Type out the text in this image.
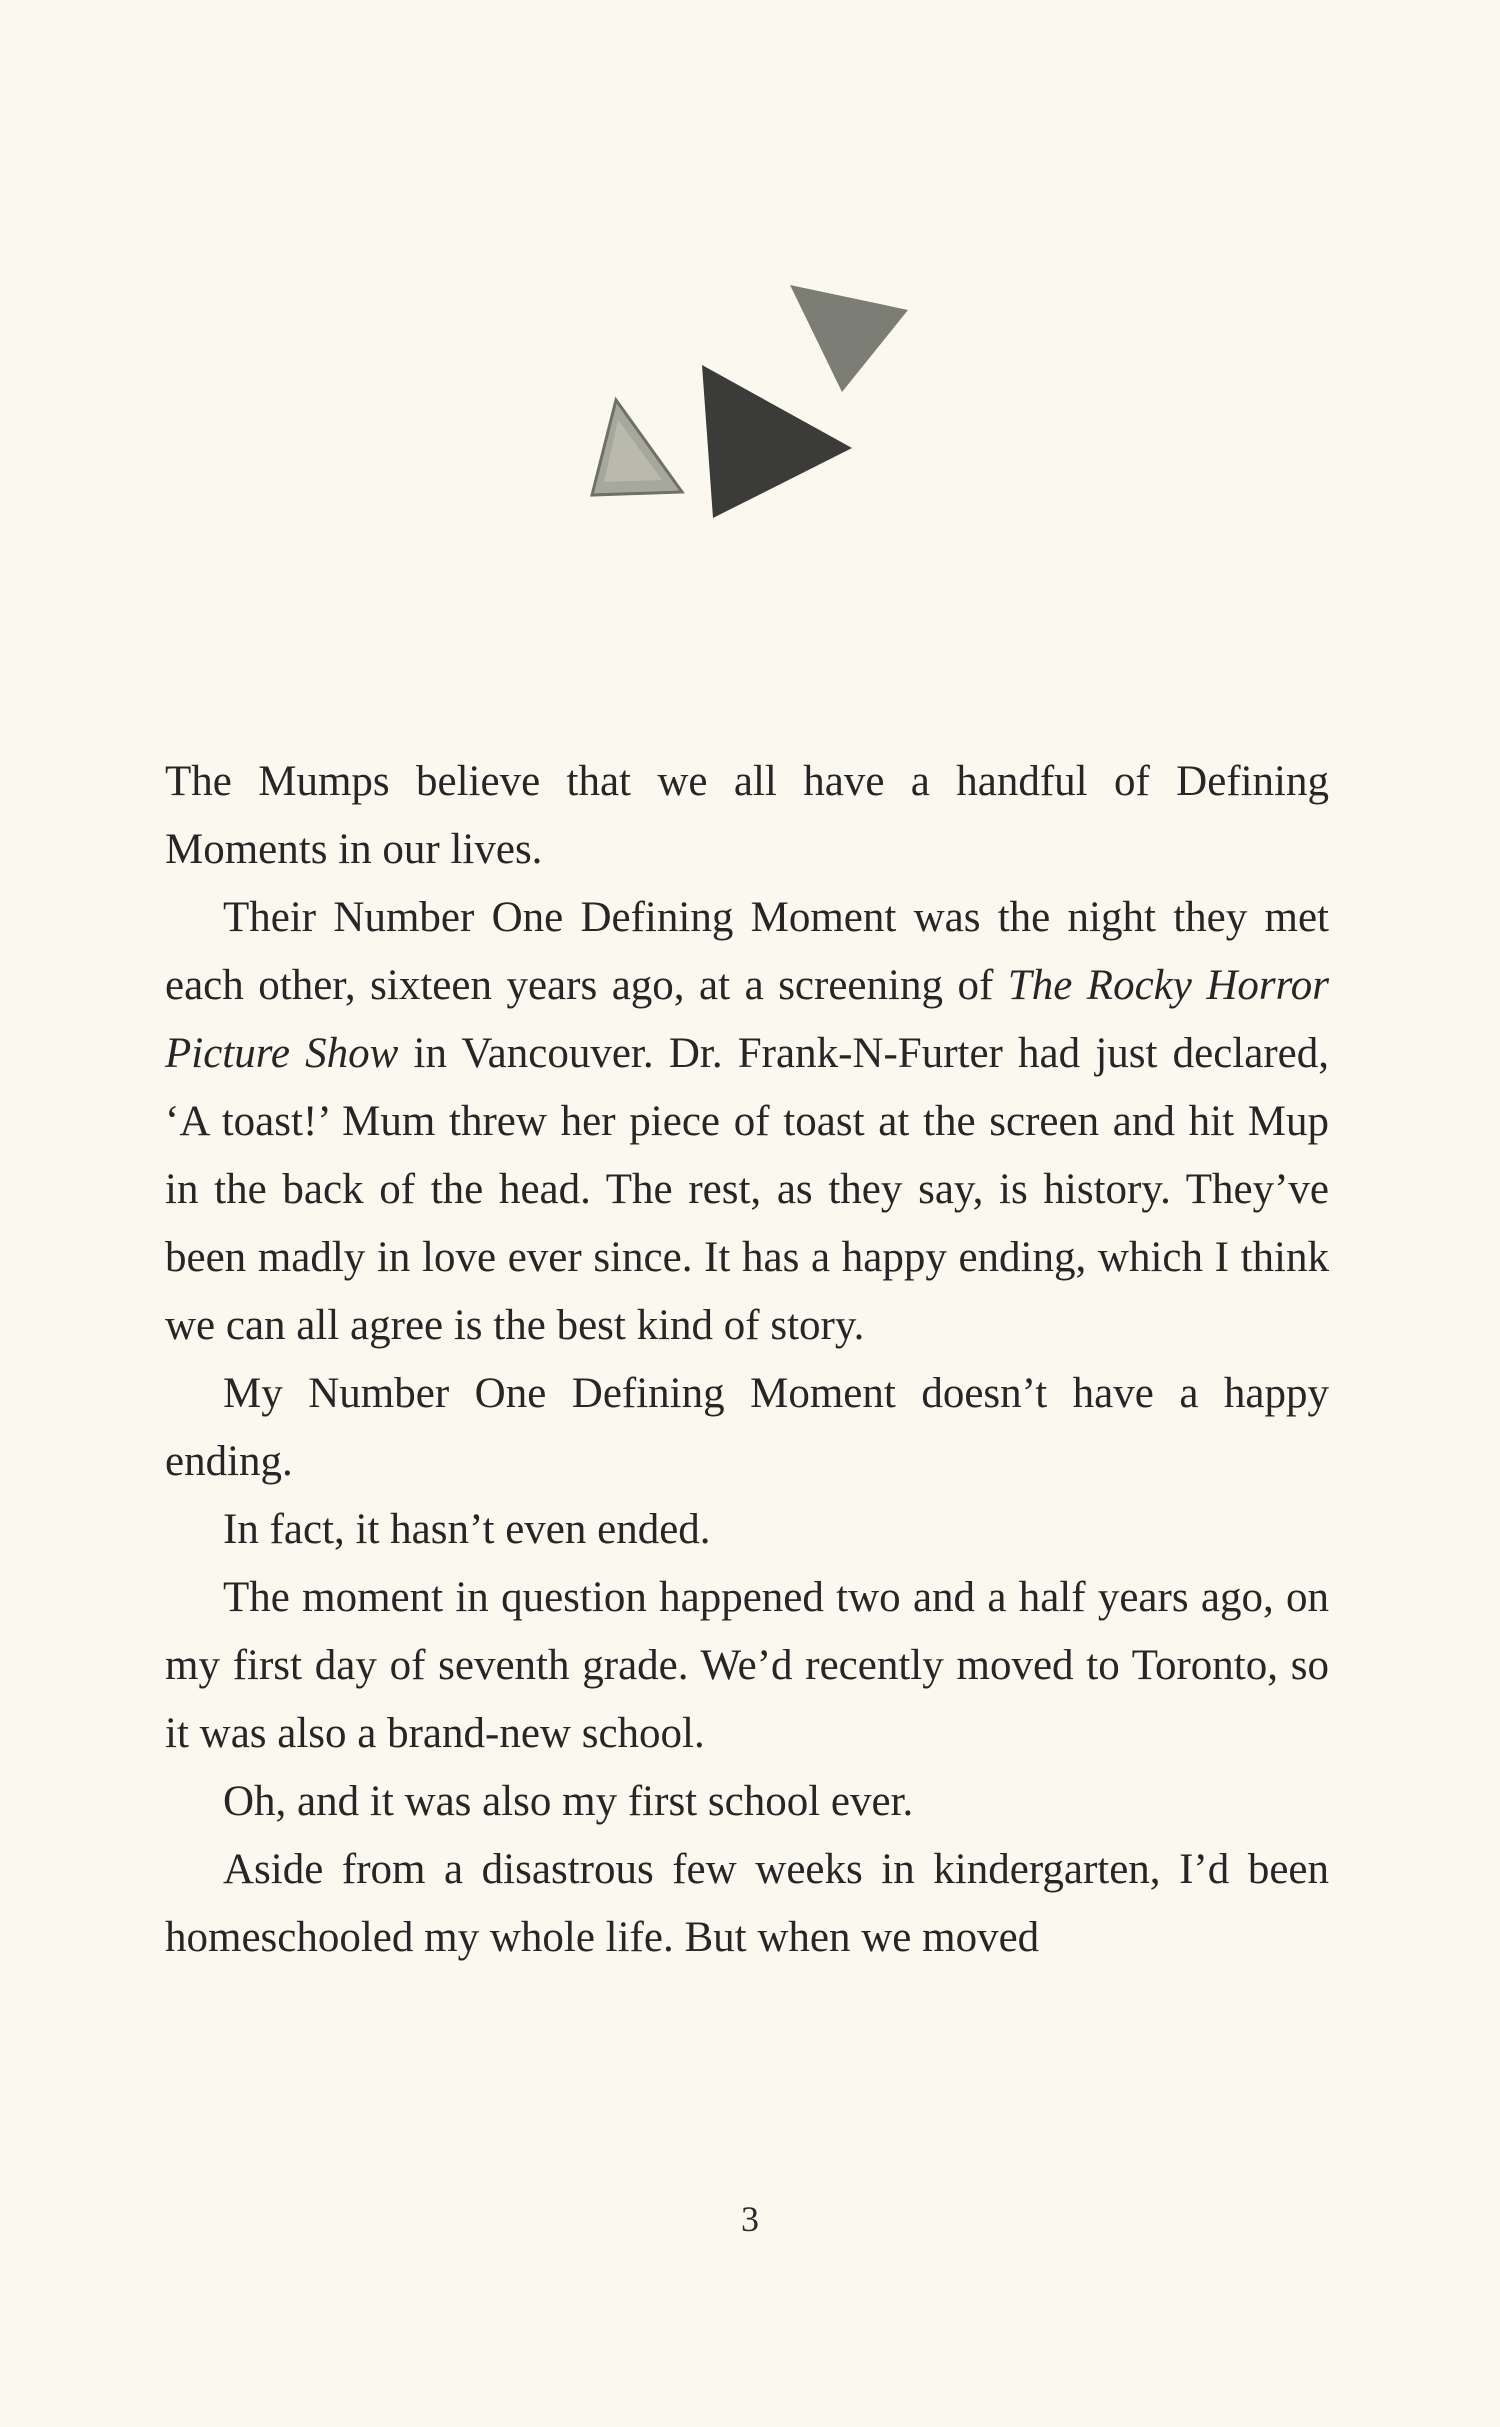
The Mumps believe that we all have a handful of Defining Moments in our lives.

Their Number One Defining Moment was the night they met each other, sixteen years ago, at a screening of The Rocky Horror Picture Show in Vancouver. Dr. Frank-N-Furter had just declared, ‘A toast!’ Mum threw her piece of toast at the screen and hit Mup in the back of the head. The rest, as they say, is history. They’ve been madly in love ever since. It has a happy ending, which I think we can all agree is the best kind of story.

My Number One Defining Moment doesn’t have a happy ending.

In fact, it hasn’t even ended.

The moment in question happened two and a half years ago, on my first day of seventh grade. We’d recently moved to Toronto, so it was also a brand-new school.

Oh, and it was also my first school ever.

Aside from a disastrous few weeks in kindergarten, I’d been homeschooled my whole life. But when we moved

3
